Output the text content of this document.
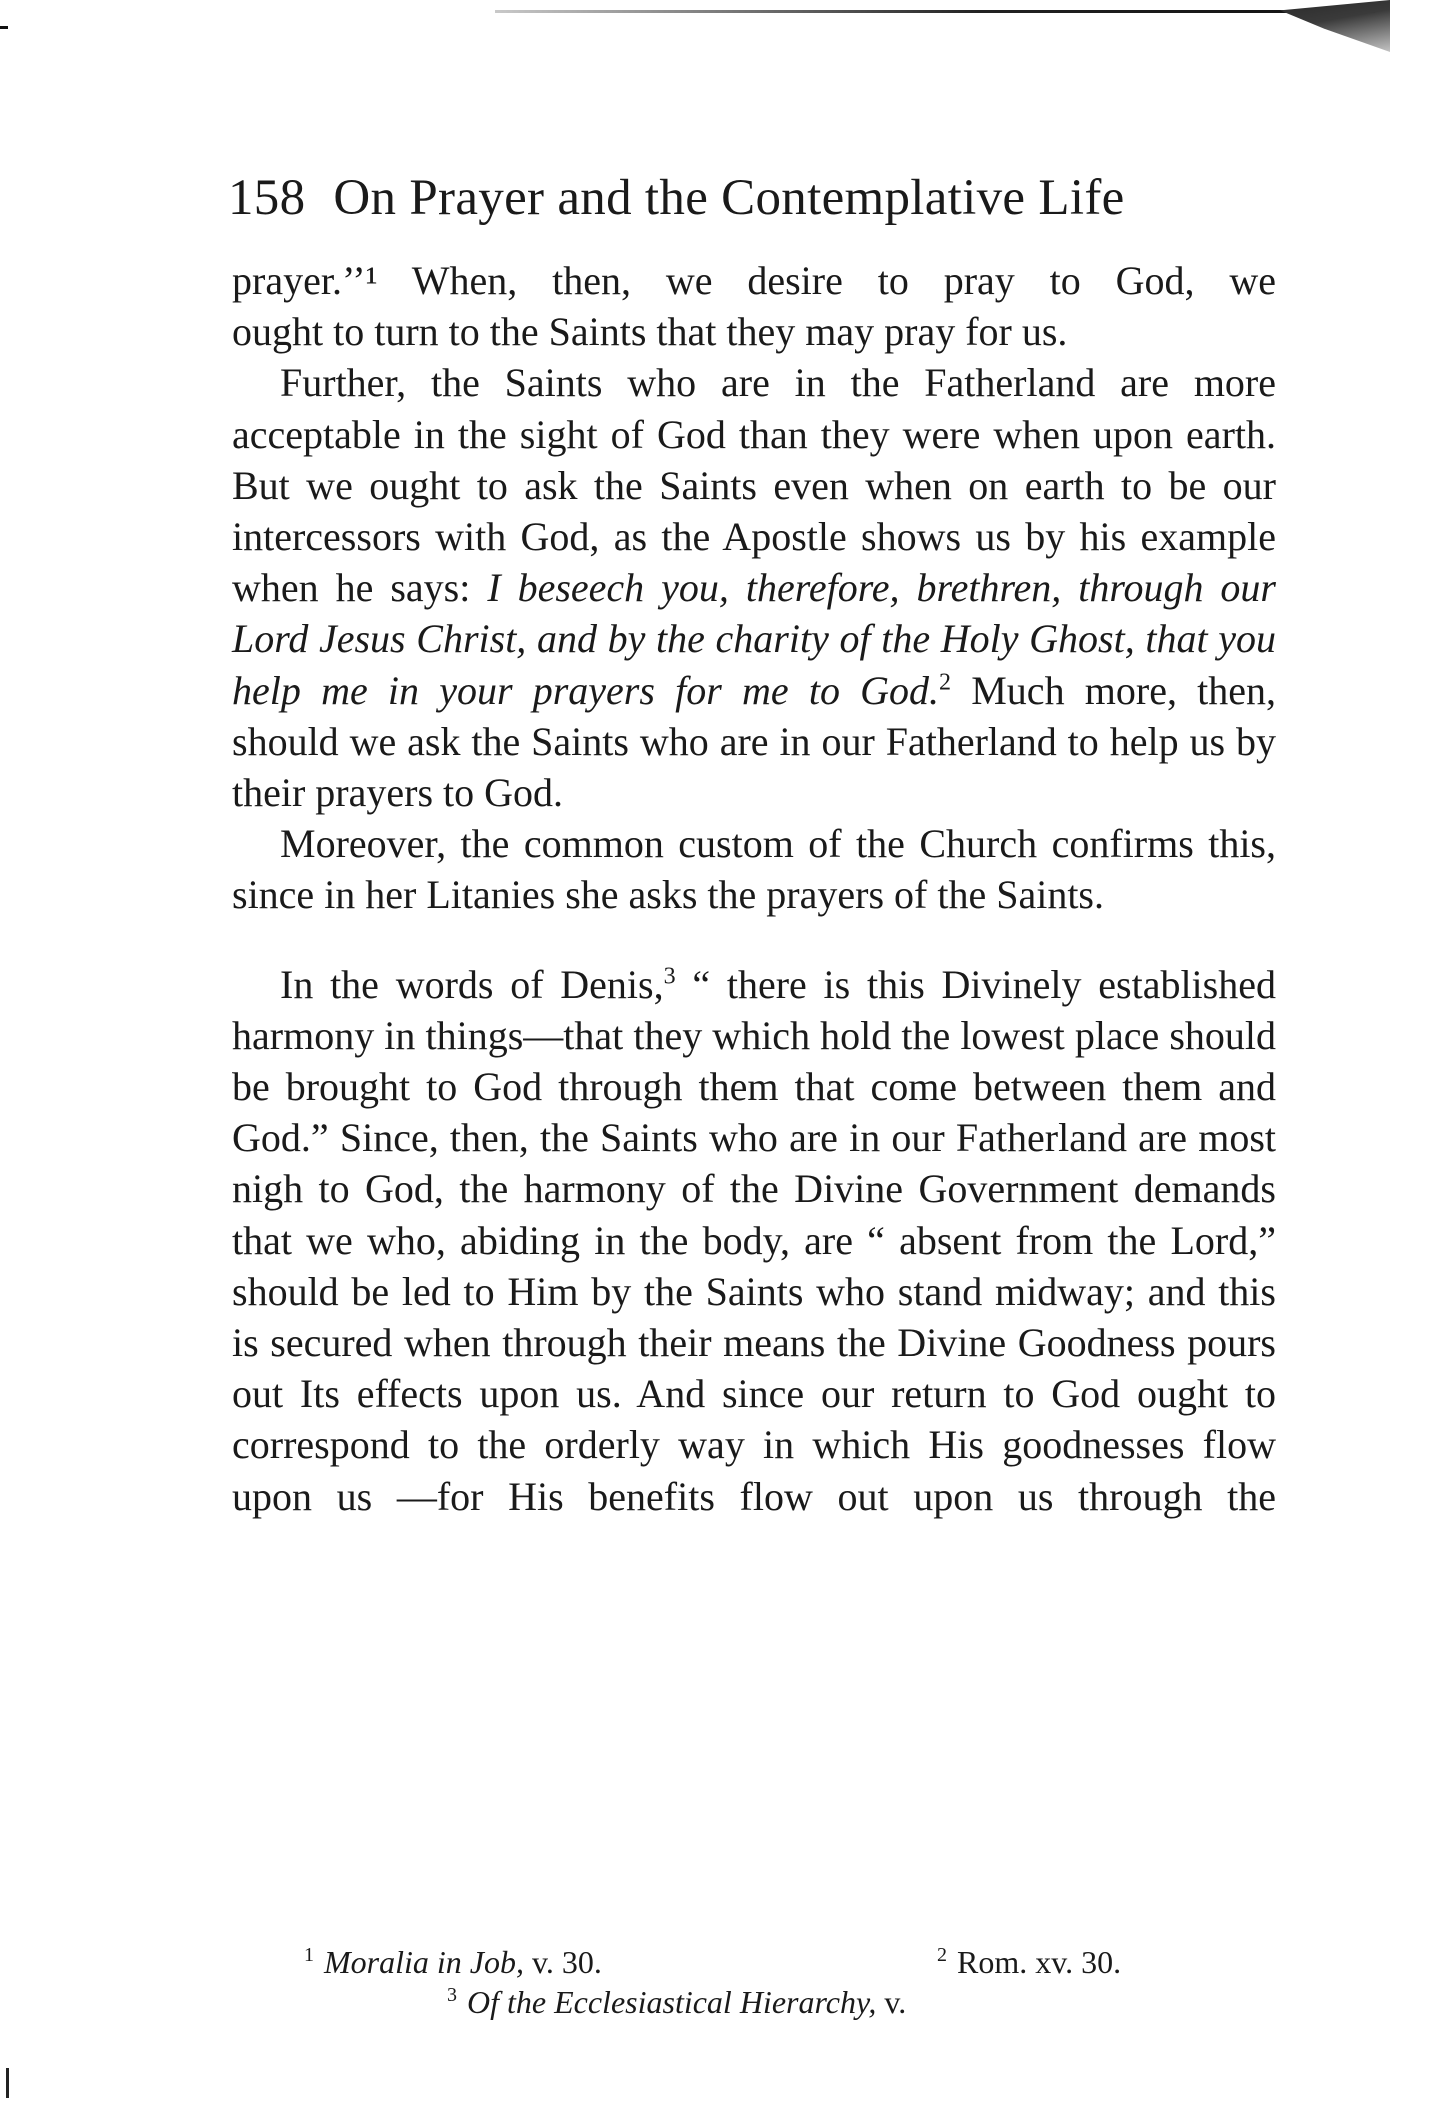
158 On Prayer and the Contemplative Life

prayer.’’¹ When, then, we desire to pray to God, we

ought to turn to the Saints that they may pray for us.

Further, the Saints who are in the Fatherland are more acceptable in the sight of God than they were when upon earth. But we ought to ask the Saints even when on earth to be our intercessors with God, as the Apostle shows us by his example when he says: I beseech you, therefore, brethren, through our Lord Jesus Christ, and by the charity of the Holy Ghost, that you help me in your prayers for me to God.$^2$ Much more, then, should we ask the Saints who are in our Fatherland to help us by their prayers to God.

Moreover, the common custom of the Church confirms this, since in her Litanies she asks the prayers of the Saints.

In the words of Denis,$^3$ “ there is this Divinely established harmony in things—that they which hold the lowest place should be brought to God through them that come between them and God.” Since, then, the Saints who are in our Fatherland are most nigh to God, the harmony of the Divine Government demands that we who, abiding in the body, are “ absent from the Lord,” should be led to Him by the Saints who stand midway; and this is secured when through their means the Divine Goodness pours out Its effects upon us. And since our return to God ought to correspond to the orderly way in which His goodnesses flow upon us —for His benefits flow out upon us through the

$^1$ Moralia in Job, v. 30.	$^2$ Rom. xv. 30.
$^3$ Of the Ecclesiastical Hierarchy, v.
